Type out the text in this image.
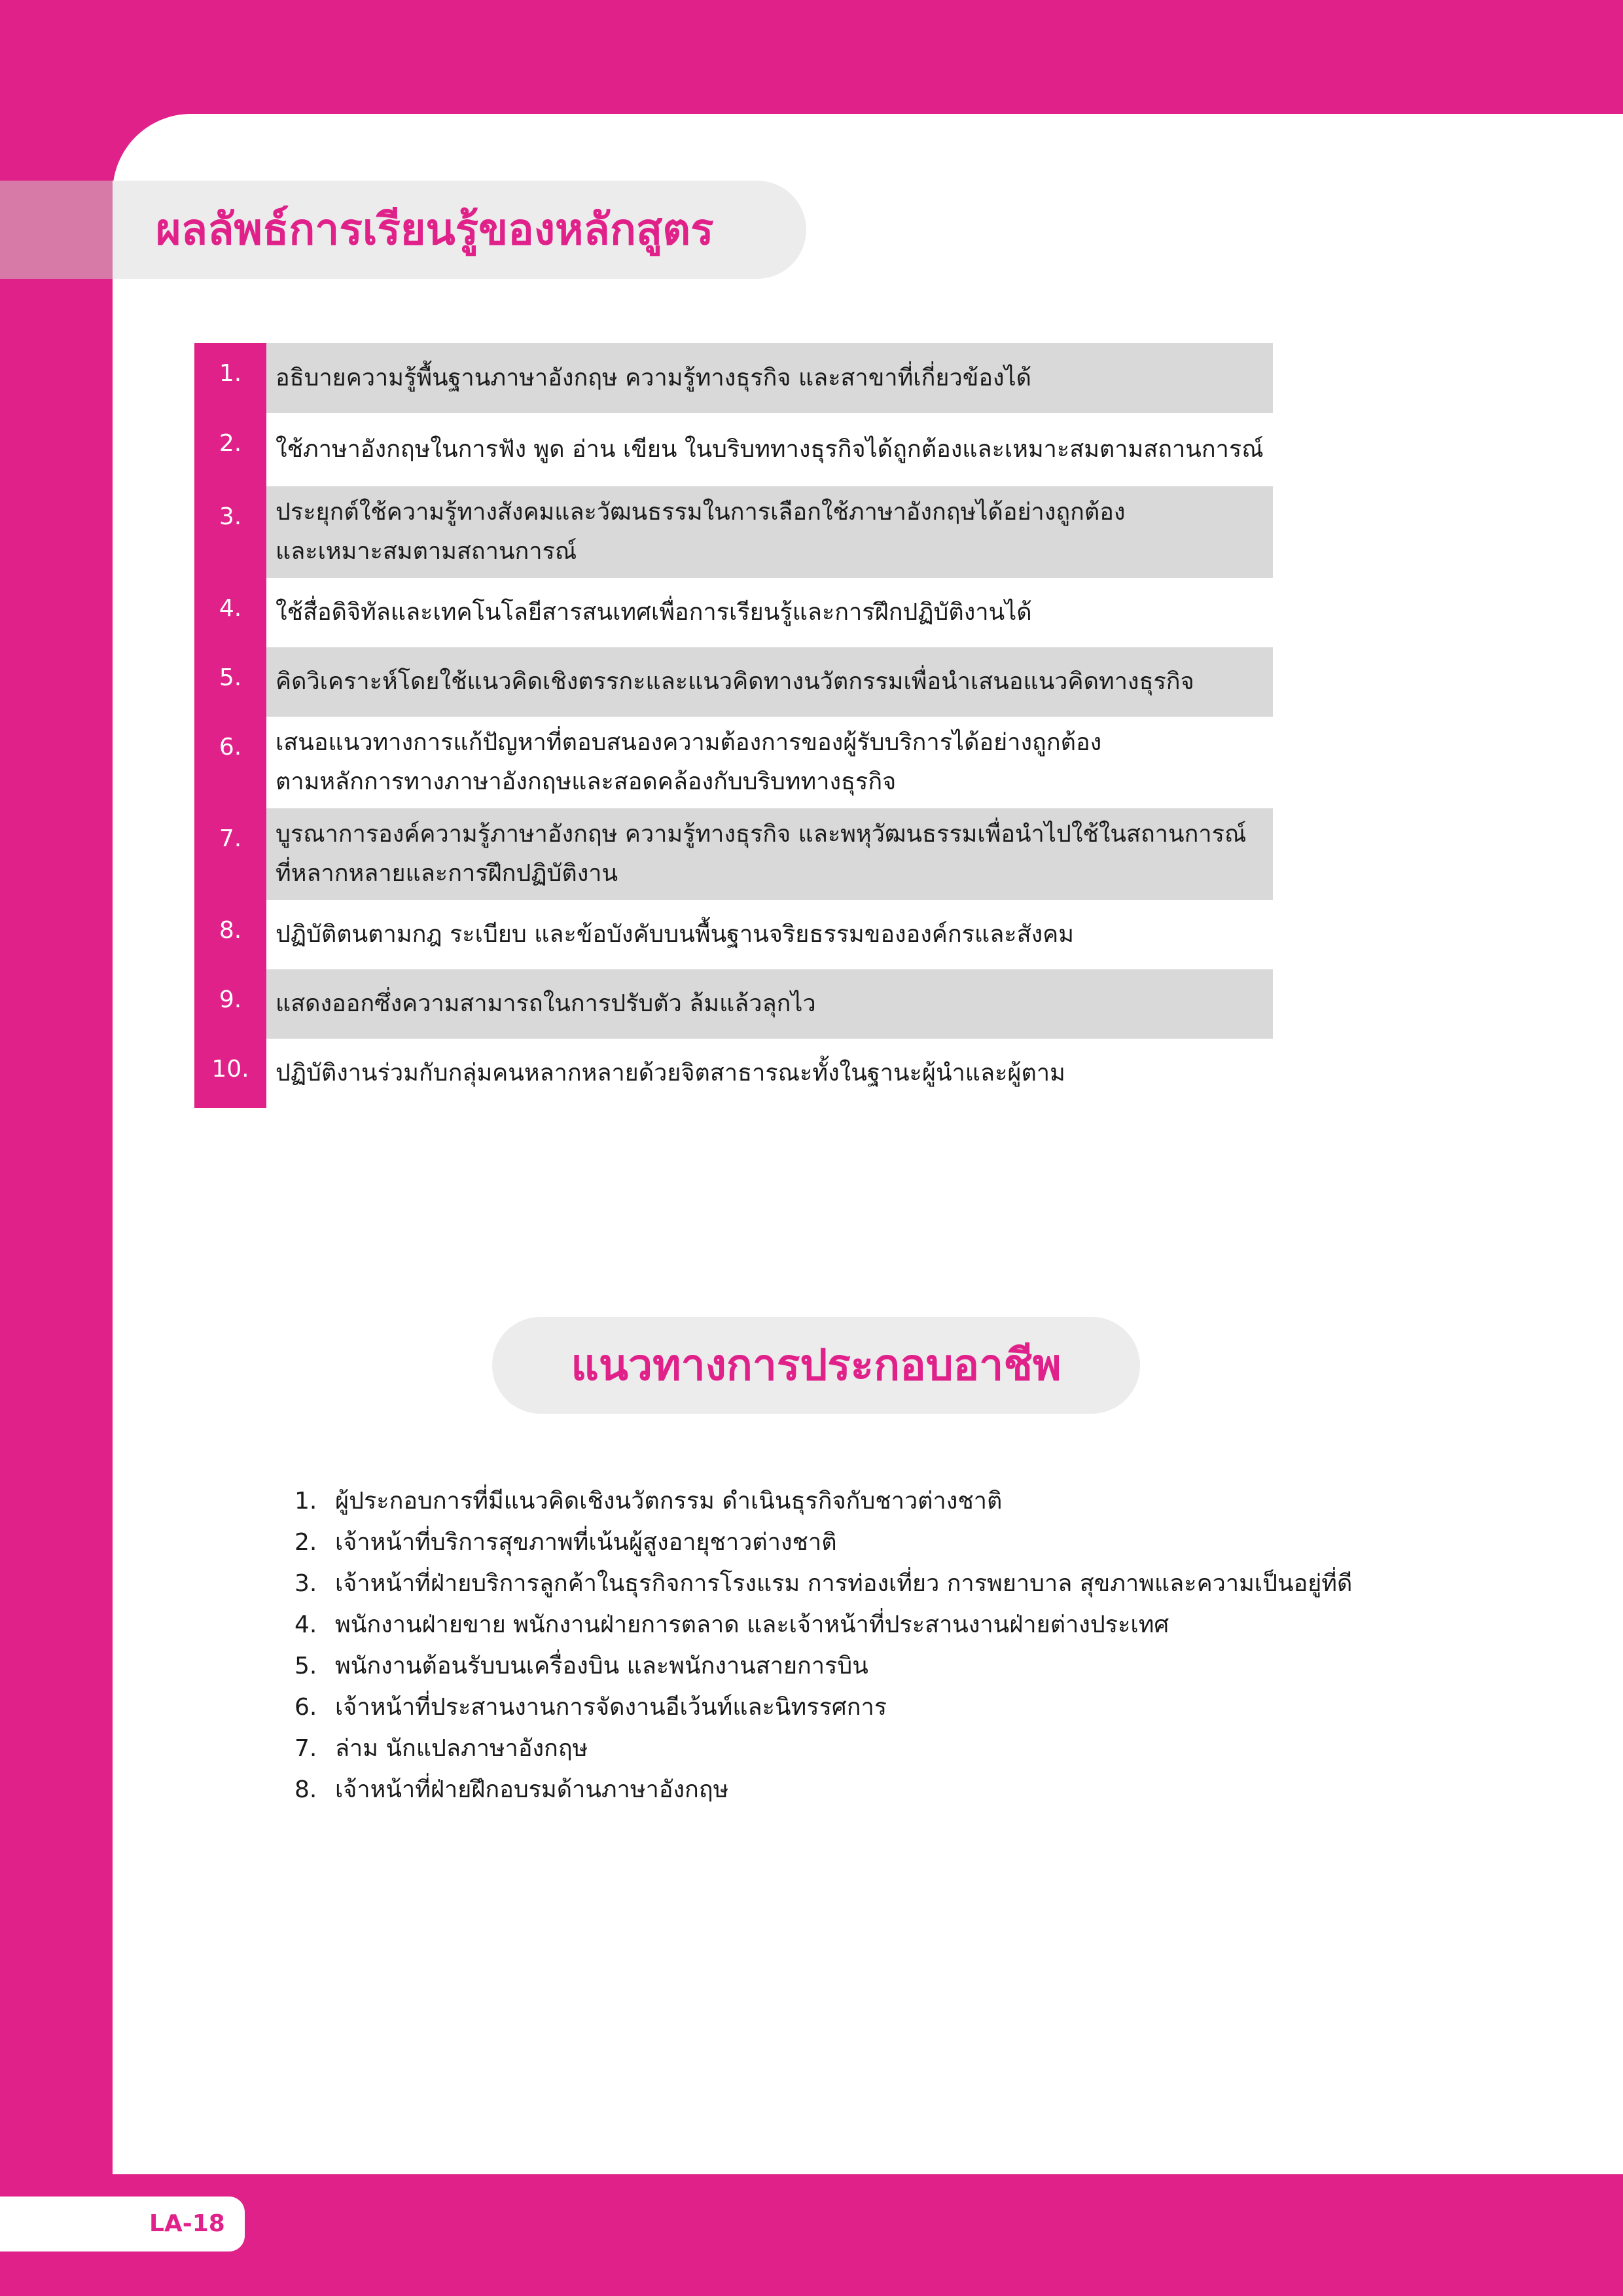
ผลลัพธ์การเรียนรู้ของหลักสูตร
1.	อธิบายความรู้พื้นฐานภาษาอังกฤษ ความรู้ทางธุรกิจ และสาขาที่เกี่ยวข้องได้
2.	ใช้ภาษาอังกฤษในการฟัง พูด อ่าน เขียน ในบริบททางธุรกิจได้ถูกต้องและเหมาะสมตามสถานการณ์
3.	ประยุกต์ใช้ความรู้ทางสังคมและวัฒนธรรมในการเลือกใช้ภาษาอังกฤษได้อย่างถูกต้อง
และเหมาะสมตามสถานการณ์
4.	ใช้สื่อดิจิทัลและเทคโนโลยีสารสนเทศเพื่อการเรียนรู้และการฝึกปฏิบัติงานได้
5.	คิดวิเคราะห์โดยใช้แนวคิดเชิงตรรกะและแนวคิดทางนวัตกรรมเพื่อนำเสนอแนวคิดทางธุรกิจ
6.	เสนอแนวทางการแก้ปัญหาที่ตอบสนองความต้องการของผู้รับบริการได้อย่างถูกต้อง
ตามหลักการทางภาษาอังกฤษและสอดคล้องกับบริบททางธุรกิจ
7.	บูรณาการองค์ความรู้ภาษาอังกฤษ ความรู้ทางธุรกิจ และพหุวัฒนธรรมเพื่อนำไปใช้ในสถานการณ์
ที่หลากหลายและการฝึกปฏิบัติงาน
8.	ปฏิบัติตนตามกฎ ระเบียบ และข้อบังคับบนพื้นฐานจริยธรรมขององค์กรและสังคม
9.	แสดงออกซึ่งความสามารถในการปรับตัว ล้มแล้วลุกไว
10.	ปฏิบัติงานร่วมกับกลุ่มคนหลากหลายด้วยจิตสาธารณะทั้งในฐานะผู้นำและผู้ตาม
แนวทางการประกอบอาชีพ
1. ผู้ประกอบการที่มีแนวคิดเชิงนวัตกรรม ดำเนินธุรกิจกับชาวต่างชาติ
2. เจ้าหน้าที่บริการสุขภาพที่เน้นผู้สูงอายุชาวต่างชาติ
3. เจ้าหน้าที่ฝ่ายบริการลูกค้าในธุรกิจการโรงแรม การท่องเที่ยว การพยาบาล สุขภาพและความเป็นอยู่ที่ดี
4. พนักงานฝ่ายขาย พนักงานฝ่ายการตลาด และเจ้าหน้าที่ประสานงานฝ่ายต่างประเทศ
5. พนักงานต้อนรับบนเครื่องบิน และพนักงานสายการบิน
6. เจ้าหน้าที่ประสานงานการจัดงานอีเว้นท์และนิทรรศการ
7. ล่าม นักแปลภาษาอังกฤษ
8. เจ้าหน้าที่ฝ่ายฝึกอบรมด้านภาษาอังกฤษ
LA-18
